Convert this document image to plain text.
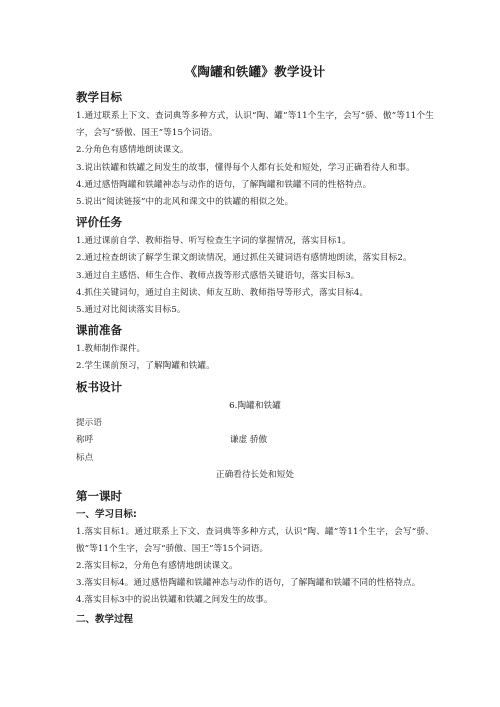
《陶罐和铁罐》教学设计
教学目标

1.通过联系上下文、查词典等多种方式，认识“陶、罐”等11个生字，会写“骄、傲”等11个生字，会写“骄傲、国王”等15个词语。

2.分角色有感情地朗读课文。

3.说出铁罐和铁罐之间发生的故事，懂得每个人都有长处和短处，学习正确看待人和事。

4.通过感悟陶罐和铁罐神态与动作的语句，了解陶罐和铁罐不同的性格特点。

5.说出“阅读链接”中的北风和课文中的铁罐的相似之处。

评价任务

1.通过课前自学、教师指导、听写检查生字词的掌握情况，落实目标1。

2.通过检查朗读了解学生课文朗读情况，通过抓住关键词语有感情地朗读，落实目标2。

3.通过自主感悟、师生合作、教师点拨等形式感悟关键语句，落实目标3。

4.抓住关键词句，通过自主阅读、师友互助、教师指导等形式，落实目标4。

5.通过对比阅读落实目标5。

课前准备

1.教师制作课件。

2.学生课前预习，了解陶罐和铁罐。

板书设计

6.陶罐和铁罐

提示语
称呼	谦虚 骄傲
标点

正确看待长处和短处

第一课时
一、学习目标:

1.落实目标1。通过联系上下文、查词典等多种方式，认识“陶、罐”等11个生字，会写“骄、傲”等11个生字，会写“骄傲、国王”等15个词语。

2.落实目标2，分角色有感情地朗读课文。

3.落实目标4。通过感悟陶罐和铁罐神态与动作的语句，了解陶罐和铁罐不同的性格特点。

4.落实目标3中的说出铁罐和铁罐之间发生的故事。

二、教学过程
